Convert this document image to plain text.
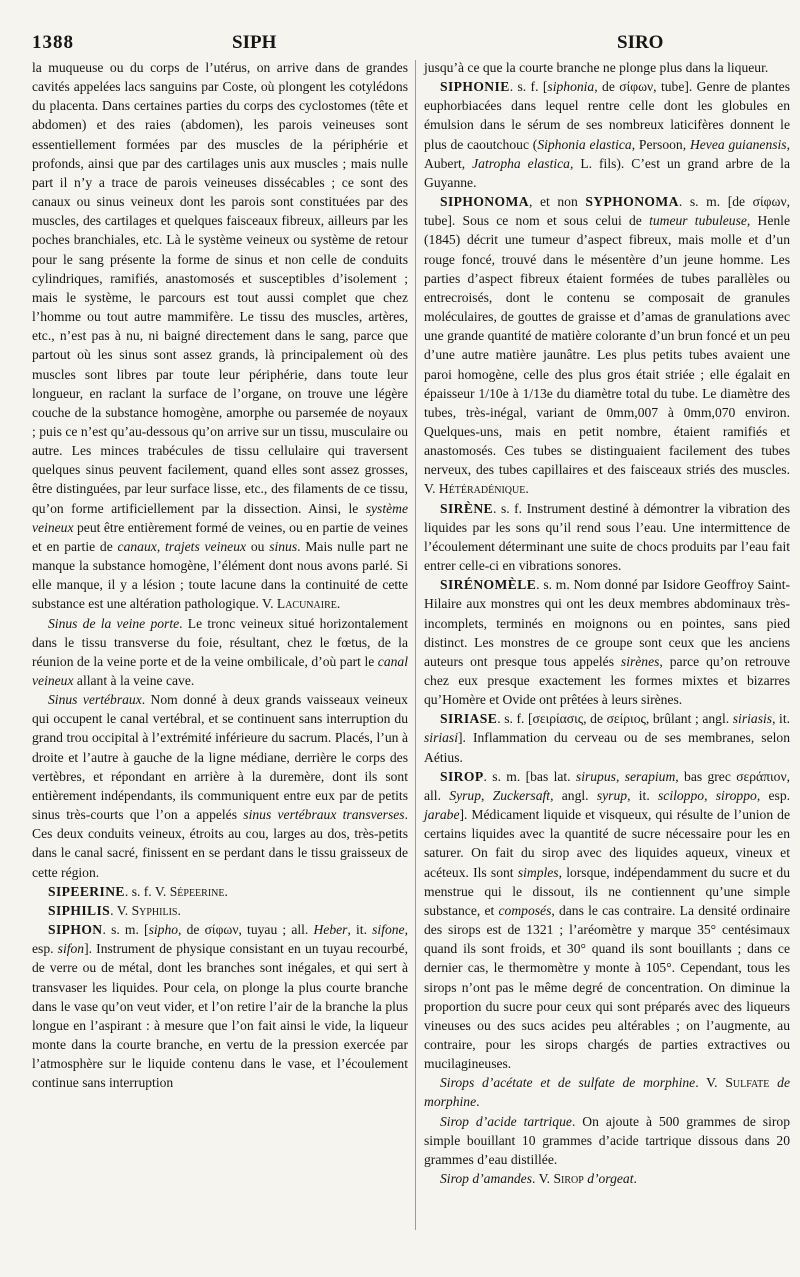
1388	SIPH	SIRO

la muqueuse ou du corps de l’utérus, on arrive dans de grandes cavités appelées lacs sanguins par Coste, où plongent les cotylédons du placenta. Dans certaines parties du corps des cyclostomes (tête et abdomen) et des raies (abdomen), les parois veineuses sont essentiellement formées par des muscles de la périphérie et profonds, ainsi que par des cartilages unis aux muscles ; mais nulle part il n’y a trace de parois veineuses dissécables ; ce sont des canaux ou sinus veineux dont les parois sont constituées par des muscles, des cartilages et quelques faisceaux fibreux, ailleurs par les poches branchiales, etc. Là le système veineux ou système de retour pour le sang présente la forme de sinus et non celle de conduits cylindriques, ramifiés, anastomosés et susceptibles d’isolement ; mais le système, le parcours est tout aussi complet que chez l’homme ou tout autre mammifère. Le tissu des muscles, artères, etc., n’est pas à nu, ni baigné directement dans le sang, parce que partout où les sinus sont assez grands, là principalement où des muscles sont libres par toute leur périphérie, dans toute leur longueur, en raclant la surface de l’organe, on trouve une légère couche de la substance homogène, amorphe ou parsemée de noyaux ; puis ce n’est qu’au-dessous qu’on arrive sur un tissu, musculaire ou autre. Les minces trabécules de tissu cellulaire qui traversent quelques sinus peuvent facilement, quand elles sont assez grosses, être distinguées, par leur surface lisse, etc., des filaments de ce tissu, qu’on forme artificiellement par la dissection. Ainsi, le système veineux peut être entièrement formé de veines, ou en partie de veines et en partie de canaux, trajets veineux ou sinus. Mais nulle part ne manque la substance homogène, l’élément dont nous avons parlé. Si elle manque, il y a lésion ; toute lacune dans la continuité de cette substance est une altération pathologique. V. Lacunaire.

Sinus de la veine porte. Le tronc veineux situé horizontalement dans le tissu transverse du foie, résultant, chez le fœtus, de la réunion de la veine porte et de la veine ombilicale, d’où part le canal veineux allant à la veine cave.

Sinus vertébraux. Nom donné à deux grands vaisseaux veineux qui occupent le canal vertébral, et se continuent sans interruption du grand trou occipital à l’extrémité inférieure du sacrum. Placés, l’un à droite et l’autre à gauche de la ligne médiane, derrière le corps des vertèbres, et répondant en arrière à la duremère, dont ils sont entièrement indépendants, ils communiquent entre eux par de petits sinus très-courts que l’on a appelés sinus vertébraux transverses. Ces deux conduits veineux, étroits au cou, larges au dos, très-petits dans le canal sacré, finissent en se perdant dans le tissu graisseux de cette région.

SIPEERINE. s. f. V. Sépeerine.

SIPHILIS. V. Syphilis.

SIPHON. s. m. [sipho, de σίφων, tuyau ; all. Heber, it. sifone, esp. sifon]. Instrument de physique consistant en un tuyau recourbé, de verre ou de métal, dont les branches sont inégales, et qui sert à transvaser les liquides. Pour cela, on plonge la plus courte branche dans le vase qu’on veut vider, et l’on retire l’air de la branche la plus longue en l’aspirant : à mesure que l’on fait ainsi le vide, la liqueur monte dans la courte branche, en vertu de la pression exercée par l’atmosphère sur le liquide contenu dans le vase, et l’écoulement continue sans interruption

jusqu’à ce que la courte branche ne plonge plus dans la liqueur.

SIPHONIE. s. f. [siphonia, de σίφων, tube]. Genre de plantes euphorbiacées dans lequel rentre celle dont les globules en émulsion dans le sérum de ses nombreux laticifères donnent le plus de caoutchouc (Siphonia elastica, Persoon, Hevea guianensis, Aubert, Jatropha elastica, L. fils). C’est un grand arbre de la Guyanne.

SIPHONOMA, et non SYPHONOMA. s. m. [de σίφων, tube]. Sous ce nom et sous celui de tumeur tubuleuse, Henle (1845) décrit une tumeur d’aspect fibreux, mais molle et d’un rouge foncé, trouvé dans le mésentère d’un jeune homme. Les parties d’aspect fibreux étaient formées de tubes parallèles ou entrecroisés, dont le contenu se composait de granules moléculaires, de gouttes de graisse et d’amas de granulations avec une grande quantité de matière colorante d’un brun foncé et un peu d’une autre matière jaunâtre. Les plus petits tubes avaient une paroi homogène, celle des plus gros était striée ; elle égalait en épaisseur 1/10e à 1/13e du diamètre total du tube. Le diamètre des tubes, très-inégal, variant de 0mm,007 à 0mm,070 environ. Quelques-uns, mais en petit nombre, étaient ramifiés et anastomosés. Ces tubes se distinguaient facilement des tubes nerveux, des tubes capillaires et des faisceaux striés des muscles. V. Hétéradénique.

SIRÈNE. s. f. Instrument destiné à démontrer la vibration des liquides par les sons qu’il rend sous l’eau. Une intermittence de l’écoulement déterminant une suite de chocs produits par l’eau fait entrer celle-ci en vibrations sonores.

SIRÉNOMÈLE. s. m. Nom donné par Isidore Geoffroy Saint-Hilaire aux monstres qui ont les deux membres abdominaux très-incomplets, terminés en moignons ou en pointes, sans pied distinct. Les monstres de ce groupe sont ceux que les anciens auteurs ont presque tous appelés sirènes, parce qu’on retrouve chez eux presque exactement les formes mixtes et bizarres qu’Homère et Ovide ont prêtées à leurs sirènes.

SIRIASE. s. f. [σειρίασις, de σείριος, brûlant ; angl. siriasis, it. siriasi]. Inflammation du cerveau ou de ses membranes, selon Aétius.

SIROP. s. m. [bas lat. sirupus, serapium, bas grec σεράπιον, all. Syrup, Zuckersaft, angl. syrup, it. sciloppo, siroppo, esp. jarabe]. Médicament liquide et visqueux, qui résulte de l’union de certains liquides avec la quantité de sucre nécessaire pour les en saturer. On fait du sirop avec des liquides aqueux, vineux et acéteux. Ils sont simples, lorsque, indépendamment du sucre et du menstrue qui le dissout, ils ne contiennent qu’une simple substance, et composés, dans le cas contraire. La densité ordinaire des sirops est de 1321 ; l’aréomètre y marque 35° centésimaux quand ils sont froids, et 30° quand ils sont bouillants ; dans ce dernier cas, le thermomètre y monte à 105°. Cependant, tous les sirops n’ont pas le même degré de concentration. On diminue la proportion du sucre pour ceux qui sont préparés avec des liqueurs vineuses ou des sucs acides peu altérables ; on l’augmente, au contraire, pour les sirops chargés de parties extractives ou mucilagineuses.

Sirops d’acétate et de sulfate de morphine. V. Sulfate de morphine.

Sirop d’acide tartrique. On ajoute à 500 grammes de sirop simple bouillant 10 grammes d’acide tartrique dissous dans 20 grammes d’eau distillée.

Sirop d’amandes. V. Sirop d’orgeat.
